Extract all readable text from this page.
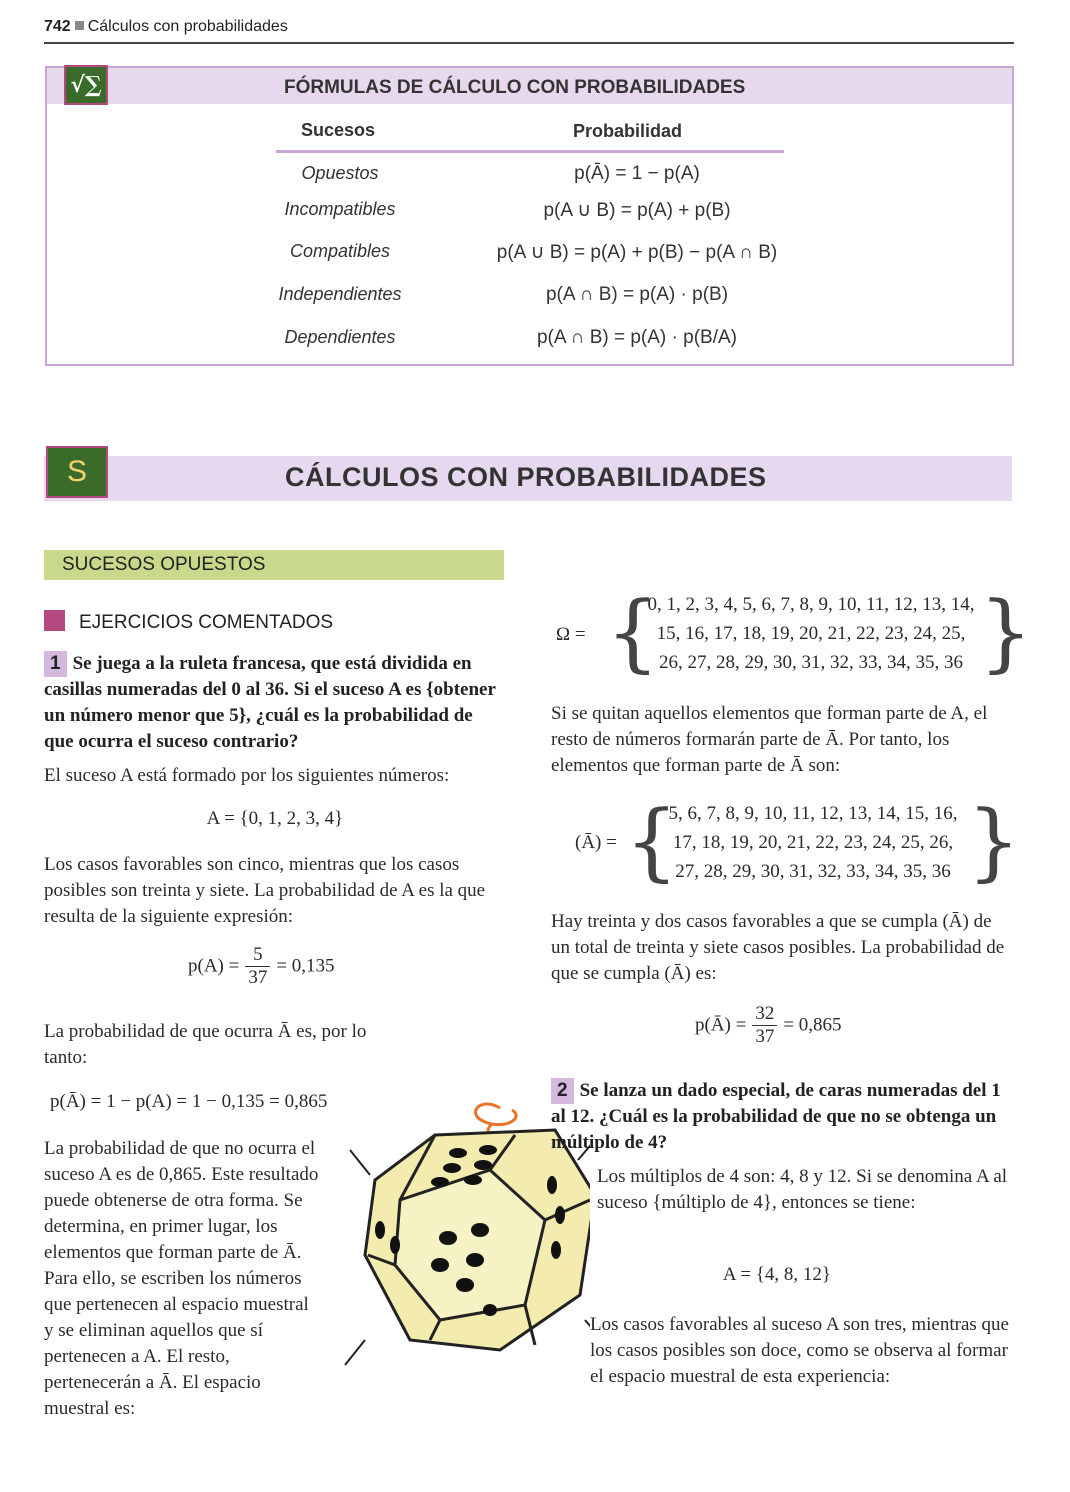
742 Cálculos con probabilidades
FÓRMULAS DE CÁLCULO CON PROBABILIDADES
√∑
Sucesos	Probabilidad
Opuestos	p(Ā) = 1 − p(A)
Incompatibles	p(A ∪ B) = p(A) + p(B)
Compatibles	p(A ∪ B) = p(A) + p(B) − p(A ∩ B)
Independientes	p(A ∩ B) = p(A) · p(B)
Dependientes	p(A ∩ B) = p(A) · p(B/A)
S	CÁLCULOS CON PROBABILIDADES
SUCESOS OPUESTOS
EJERCICIOS COMENTADOS
1 Se juega a la ruleta francesa, que está dividida en casillas numeradas del 0 al 36. Si el suceso A es {obtener un número menor que 5}, ¿cuál es la probabilidad de que ocurra el suceso contrario?
El suceso A está formado por los siguientes números:
A = {0, 1, 2, 3, 4}
Los casos favorables son cinco, mientras que los casos posibles son treinta y siete. La probabilidad de A es la que resulta de la siguiente expresión:
$p(A) = \frac{5}{37} = 0,135$
La probabilidad de que ocurra Ā es, por lo tanto:
p(Ā) = 1 − p(A) = 1 − 0,135 = 0,865
La probabilidad de que no ocurra el suceso A es de 0,865. Este resultado puede obtenerse de otra forma. Se determina, en primer lugar, los elementos que forman parte de Ā. Para ello, se escriben los números que pertenecen al espacio muestral y se eliminan aquellos que sí pertenecen a A. El resto, pertenecerán a Ā. El espacio muestral es:
Ω = {
0, 1, 2, 3, 4, 5, 6, 7, 8, 9, 10, 11, 12, 13, 14,
15, 16, 17, 18, 19, 20, 21, 22, 23, 24, 25,
26, 27, 28, 29, 30, 31, 32, 33, 34, 35, 36 }
Si se quitan aquellos elementos que forman parte de A, el resto de números formarán parte de Ā. Por tanto, los elementos que forman parte de Ā son:
(Ā) = {
5, 6, 7, 8, 9, 10, 11, 12, 13, 14, 15, 16,
17, 18, 19, 20, 21, 22, 23, 24, 25, 26,
27, 28, 29, 30, 31, 32, 33, 34, 35, 36 }
Hay treinta y dos casos favorables a que se cumpla (Ā) de un total de treinta y siete casos posibles. La probabilidad de que se cumpla (Ā) es:
p(Ā) = $\frac{32}{37} = 0,865$
2 Se lanza un dado especial, de caras numeradas del 1 al 12. ¿Cuál es la probabilidad de que no se obtenga un múltiplo de 4?
Los múltiplos de 4 son: 4, 8 y 12. Si se denomina A al suceso {múltiplo de 4}, entonces se tiene:
A = {4, 8, 12}
Los casos favorables al suceso A son tres, mientras que los casos posibles son doce, como se observa al formar el espacio muestral de esta experiencia:
